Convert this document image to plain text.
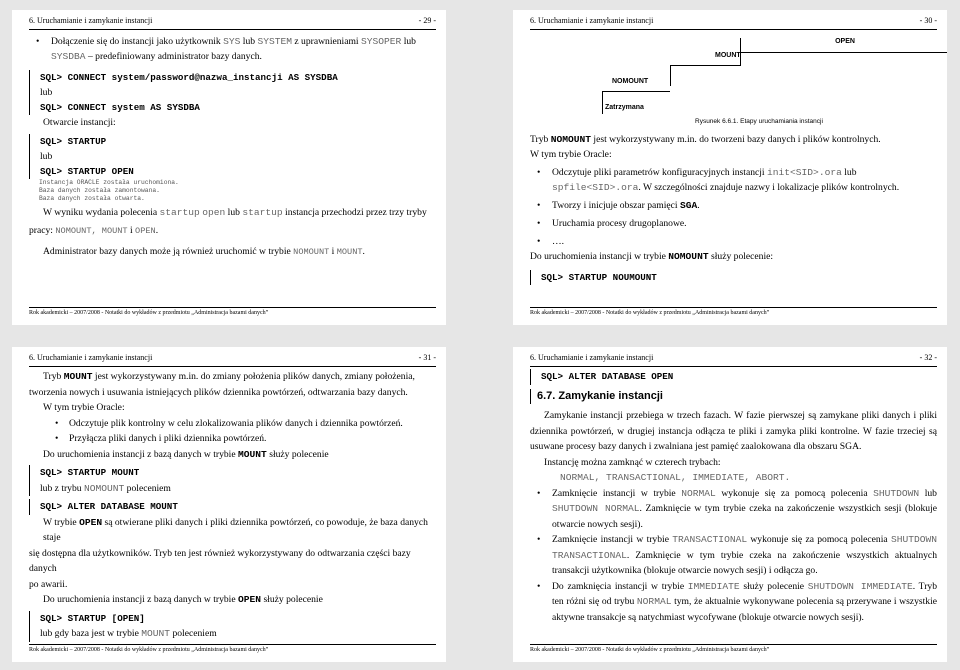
6. Uruchamianie i zamykanie instancji	- 29 -

• Dołączenie się do instancji jako użytkownik SYS lub SYSTEM z uprawnieniami SYSOPER lub

SYSDBA – predefiniowany administrator bazy danych.

SQL> CONNECT system/password@nazwa_instancji AS SYSDBA

lub

SQL> CONNECT system AS SYSDBA

Otwarcie instancji:

SQL> STARTUP

lub

SQL> STARTUP OPEN

Instancja ORACLE została uruchomiona.

Baza danych została zamontowana.

Baza danych została otwarta.

W wyniku wydania polecenia startup open lub startup instancja przechodzi przez trzy tryby

pracy: NOMOUNT, MOUNT i OPEN.

Administrator bazy danych może ją również uruchomić w trybie NOMOUNT i MOUNT.

Rok akademicki – 2007/2008 - Notatki do wykładów z przedmiotu „Administracja bazami danych”
6. Uruchamianie i zamykanie instancji	- 30 -
OPEN
MOUNT
NOMOUNT
Zatrzymana
Rysunek 6.6.1. Etapy uruchamiania instancji

Tryb NOMOUNT jest wykorzystywany m.in. do tworzeni bazy danych i plików kontrolnych.

W tym trybie Oracle:

• Odczytuje pliki parametrów konfiguracyjnych instancji init<SID>.ora lub
spfile<SID>.ora. W szczególności znajduje nazwy i lokalizacje plików kontrolnych.

• Tworzy i inicjuje obszar pamięci SGA.

• Uruchamia procesy drugoplanowe.

• ….

Do uruchomienia instancji w trybie NOMOUNT służy polecenie:

SQL> STARTUP NOUMOUNT

Rok akademicki – 2007/2008 - Notatki do wykładów z przedmiotu „Administracja bazami danych”
6. Uruchamianie i zamykanie instancji	- 31 -

Tryb MOUNT jest wykorzystywany m.in. do zmiany położenia plików danych, zmiany położenia,

tworzenia nowych i usuwania istniejących plików dziennika powtórzeń, odtwarzania bazy danych.

W tym trybie Oracle:

• Odczytuje plik kontrolny w celu zlokalizowania plików danych i dziennika powtórzeń.

• Przyłącza pliki danych i pliki dziennika powtórzeń.

Do uruchomienia instancji z bazą danych w trybie MOUNT służy polecenie

SQL> STARTUP MOUNT

lub z trybu NOMOUNT poleceniem

SQL> ALTER DATABASE MOUNT

W trybie OPEN są otwierane pliki danych i pliki dziennika powtórzeń, co powoduje, że baza danych staje

się dostępna dla użytkowników. Tryb ten jest również wykorzystywany do odtwarzania części bazy danych

po awarii.

Do uruchomienia instancji z bazą danych w trybie OPEN służy polecenie

SQL> STARTUP [OPEN]

lub gdy baza jest w trybie MOUNT poleceniem

Rok akademicki – 2007/2008 - Notatki do wykładów z przedmiotu „Administracja bazami danych”
6. Uruchamianie i zamykanie instancji	- 32 -

SQL> ALTER DATABASE OPEN

6.7. Zamykanie instancji

Zamykanie instancji przebiega w trzech fazach. W fazie pierwszej są zamykane pliki danych i pliki dziennika powtórzeń, w drugiej instancja odłącza te pliki i zamyka pliki kontrolne. W fazie trzeciej są usuwane procesy bazy danych i zwalniana jest pamięć zaalokowana dla obszaru SGA.

Instancję można zamknąć w czterech trybach:

NORMAL, TRANSACTIONAL, IMMEDIATE, ABORT.

• Zamknięcie instancji w trybie NORMAL wykonuje się za pomocą polecenia SHUTDOWN lub SHUTDOWN NORMAL. Zamknięcie w tym trybie czeka na zakończenie wszystkich sesji (blokuje otwarcie nowych sesji).

• Zamknięcie instancji w trybie TRANSACTIONAL wykonuje się za pomocą polecenia SHUTDOWN TRANSACTIONAL. Zamknięcie w tym trybie czeka na zakończenie wszystkich aktualnych transakcji użytkownika (blokuje otwarcie nowych sesji) i odłącza go.

• Do zamknięcia instancji w trybie IMMEDIATE służy polecenie SHUTDOWN IMMEDIATE. Tryb ten różni się od trybu NORMAL tym, że aktualnie wykonywane polecenia są przerywane i wszystkie aktywne transakcje są natychmiast wycofywane (blokuje otwarcie nowych sesji).

Rok akademicki – 2007/2008 - Notatki do wykładów z przedmiotu „Administracja bazami danych”
